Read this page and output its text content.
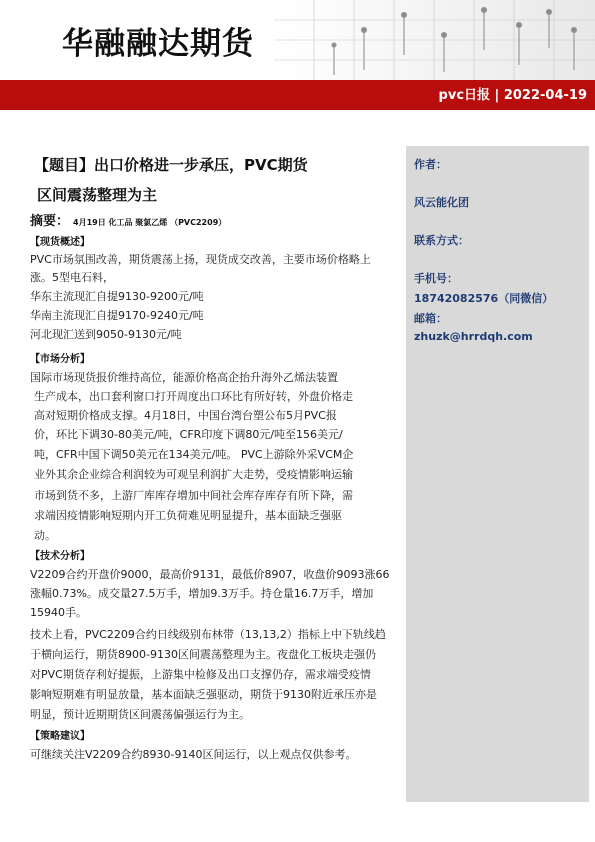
华融融达期货
pvc日报 | 2022-04-19
作者：
风云能化团
联系方式：
手机号：
18742082576（同微信）
邮箱：
zhuzk@hrrdqh.com
【题目】出口价格进一步承压，PVC期货
区间震荡整理为主
摘要： 4月19日 化工品 聚氯乙烯 （PVC2209）
【现货概述】
PVC市场氛围改善，期货震荡上扬，现货成交改善，主要市场价格略上
涨。5型电石料，
华东主流现汇自提9130-9200元/吨
华南主流现汇自提9170-9240元/吨
河北现汇送到9050-9130元/吨
【市场分析】
国际市场现货报价维持高位，能源价格高企抬升海外乙烯法装置
生产成本，出口套利窗口打开周度出口环比有所好转，外盘价格走
高对短期价格成支撑。4月18日，中国台湾台塑公布5月PVC报
价，环比下调30-80美元/吨，CFR印度下调80元/吨至156美元/
吨，CFR中国下调50美元在134美元/吨。 PVC上游除外采VCM企
业外其余企业综合利润较为可观呈利润扩大走势，受疫情影响运输
市场到货不多，上游厂库库存增加中间社会库存库存有所下降，需
求端因疫情影响短期内开工负荷难见明显提升，基本面缺乏强驱
动。
【技术分析】
V2209合约开盘价9000，最高价9131，最低价8907，收盘价9093涨66
涨幅0.73%。成交量27.5万手，增加9.3万手。持仓量16.7万手，增加
15940手。
技术上看，PVC2209合约日线级别布林带（13,13,2）指标上中下轨线趋
于横向运行，期货8900-9130区间震荡整理为主。夜盘化工板块走强仍
对PVC期货存利好提振，上游集中检修及出口支撑仍存，需求端受疫情
影响短期难有明显放量，基本面缺乏强驱动，期货于9130附近承压亦是
明显，预计近期期货区间震荡偏强运行为主。
【策略建议】
可继续关注V2209合约8930-9140区间运行，以上观点仅供参考。
